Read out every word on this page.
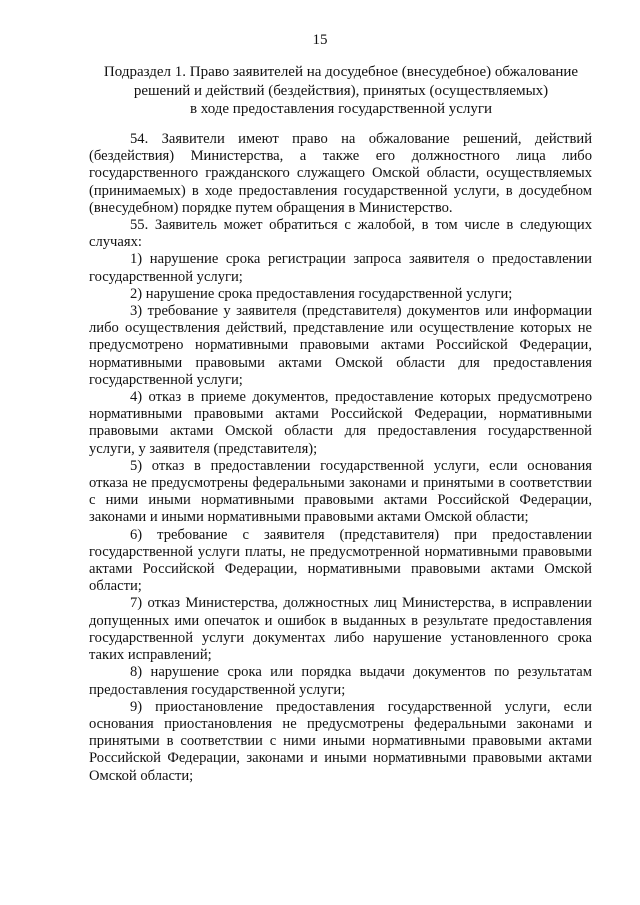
15
Подраздел 1. Право заявителей на досудебное (внесудебное) обжалование
решений и действий (бездействия), принятых (осуществляемых)
в ходе предоставления государственной услуги

54. Заявители имеют право на обжалование решений, действий (бездействия) Министерства, а также его должностного лица либо государственного гражданского служащего Омской области, осуществляемых (принимаемых) в ходе предоставления государственной услуги, в досудебном (внесудебном) порядке путем обращения в Министерство.

55. Заявитель может обратиться с жалобой, в том числе в следующих случаях:

1) нарушение срока регистрации запроса заявителя о предоставлении государственной услуги;

2) нарушение срока предоставления государственной услуги;

3) требование у заявителя (представителя) документов или информации либо осуществления действий, представление или осуществление которых не предусмотрено нормативными правовыми актами Российской Федерации, нормативными правовыми актами Омской области для предоставления государственной услуги;

4) отказ в приеме документов, предоставление которых предусмотрено нормативными правовыми актами Российской Федерации, нормативными правовыми актами Омской области для предоставления государственной услуги, у заявителя (представителя);

5) отказ в предоставлении государственной услуги, если основания отказа не предусмотрены федеральными законами и принятыми в соответствии с ними иными нормативными правовыми актами Российской Федерации, законами и иными нормативными правовыми актами Омской области;

6) требование с заявителя (представителя) при предоставлении государственной услуги платы, не предусмотренной нормативными правовыми актами Российской Федерации, нормативными правовыми актами Омской области;

7) отказ Министерства, должностных лиц Министерства, в исправлении допущенных ими опечаток и ошибок в выданных в результате предоставления государственной услуги документах либо нарушение установленного срока таких исправлений;

8) нарушение срока или порядка выдачи документов по результатам предоставления государственной услуги;

9) приостановление предоставления государственной услуги, если основания приостановления не предусмотрены федеральными законами и принятыми в соответствии с ними иными нормативными правовыми актами Российской Федерации, законами и иными нормативными правовыми актами Омской области;
